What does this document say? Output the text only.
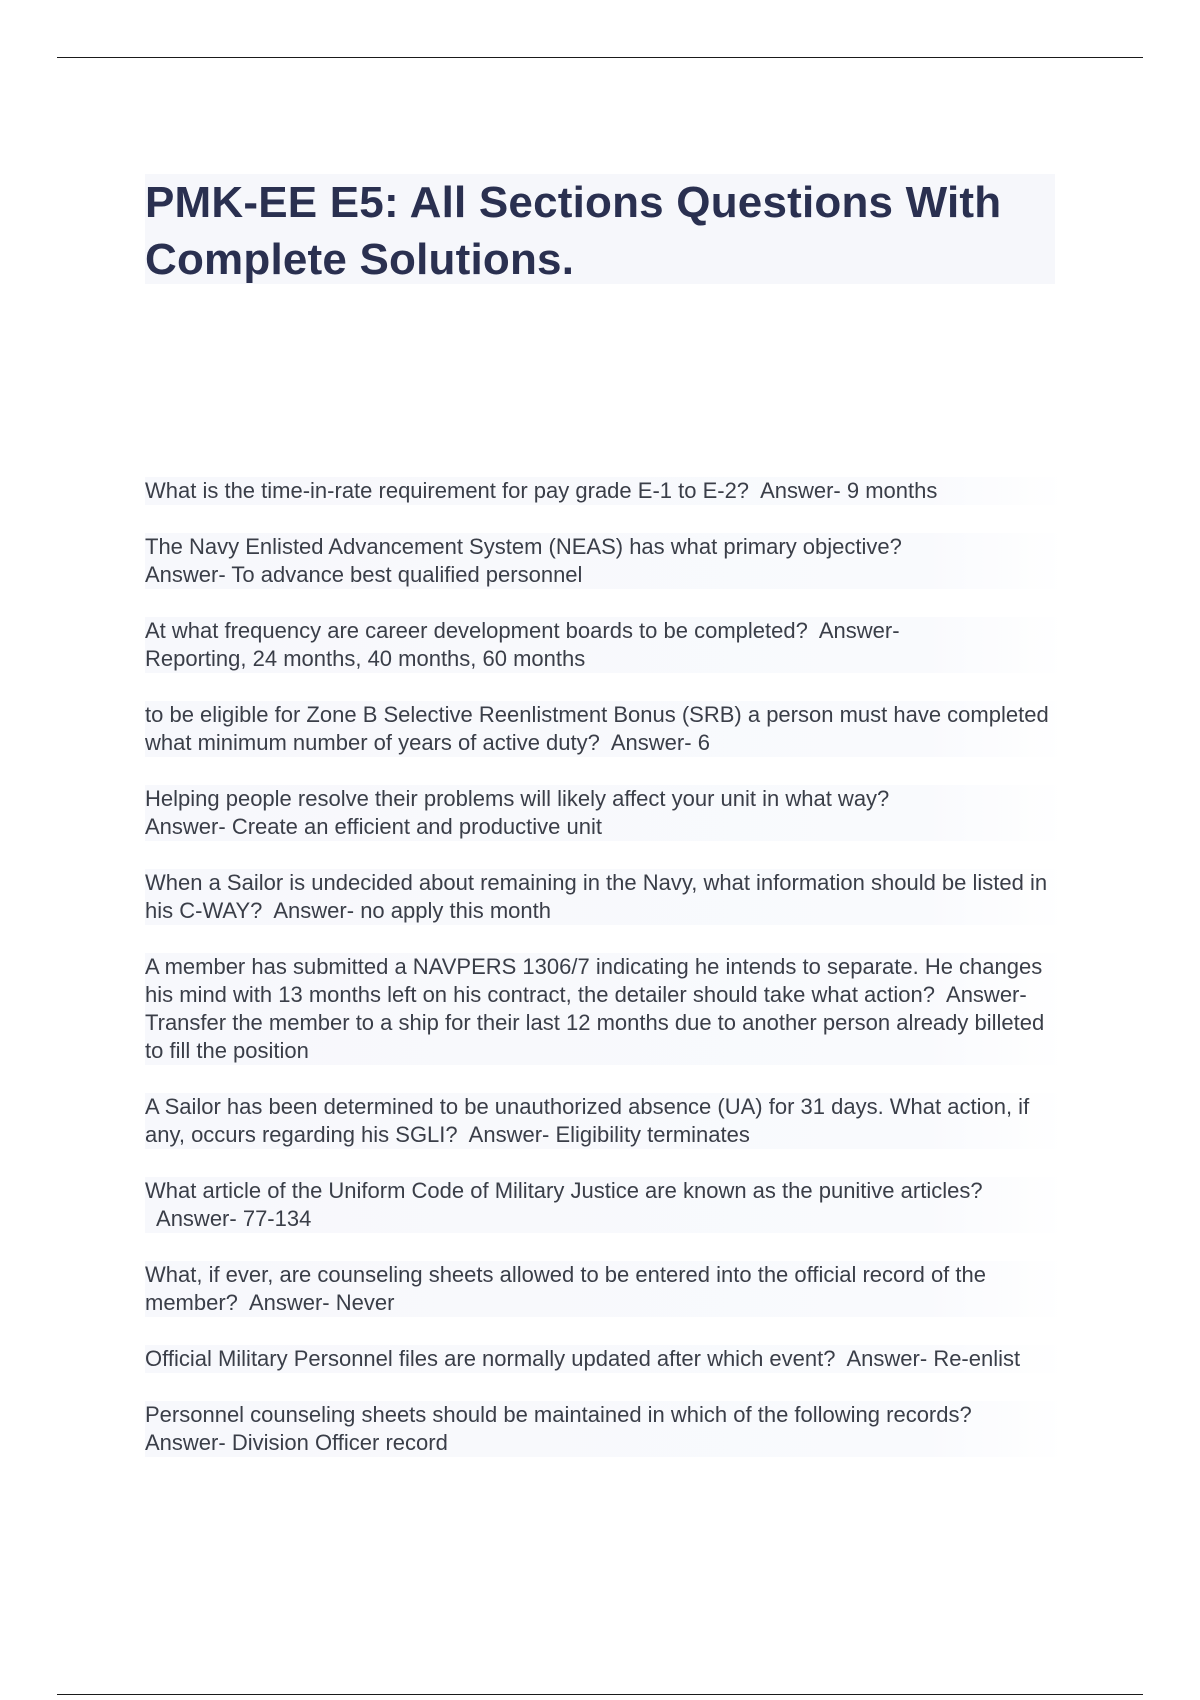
PMK-EE E5: All Sections Questions With Complete Solutions.

What is the time-in-rate requirement for pay grade E-1 to E-2? Answer- 9 months

The Navy Enlisted Advancement System (NEAS) has what primary objective?
Answer- To advance best qualified personnel

At what frequency are career development boards to be completed? Answer-
Reporting, 24 months, 40 months, 60 months

to be eligible for Zone B Selective Reenlistment Bonus (SRB) a person must have completed what minimum number of years of active duty? Answer- 6

Helping people resolve their problems will likely affect your unit in what way?
Answer- Create an efficient and productive unit

When a Sailor is undecided about remaining in the Navy, what information should be listed in his C-WAY? Answer- no apply this month

A member has submitted a NAVPERS 1306/7 indicating he intends to separate. He changes his mind with 13 months left on his contract, the detailer should take what action? Answer- Transfer the member to a ship for their last 12 months due to another person already billeted to fill the position

A Sailor has been determined to be unauthorized absence (UA) for 31 days. What action, if any, occurs regarding his SGLI? Answer- Eligibility terminates

What article of the Uniform Code of Military Justice are known as the punitive articles?  Answer- 77-134

What, if ever, are counseling sheets allowed to be entered into the official record of the member? Answer- Never

Official Military Personnel files are normally updated after which event? Answer- Re-enlist

Personnel counseling sheets should be maintained in which of the following records?
Answer- Division Officer record
